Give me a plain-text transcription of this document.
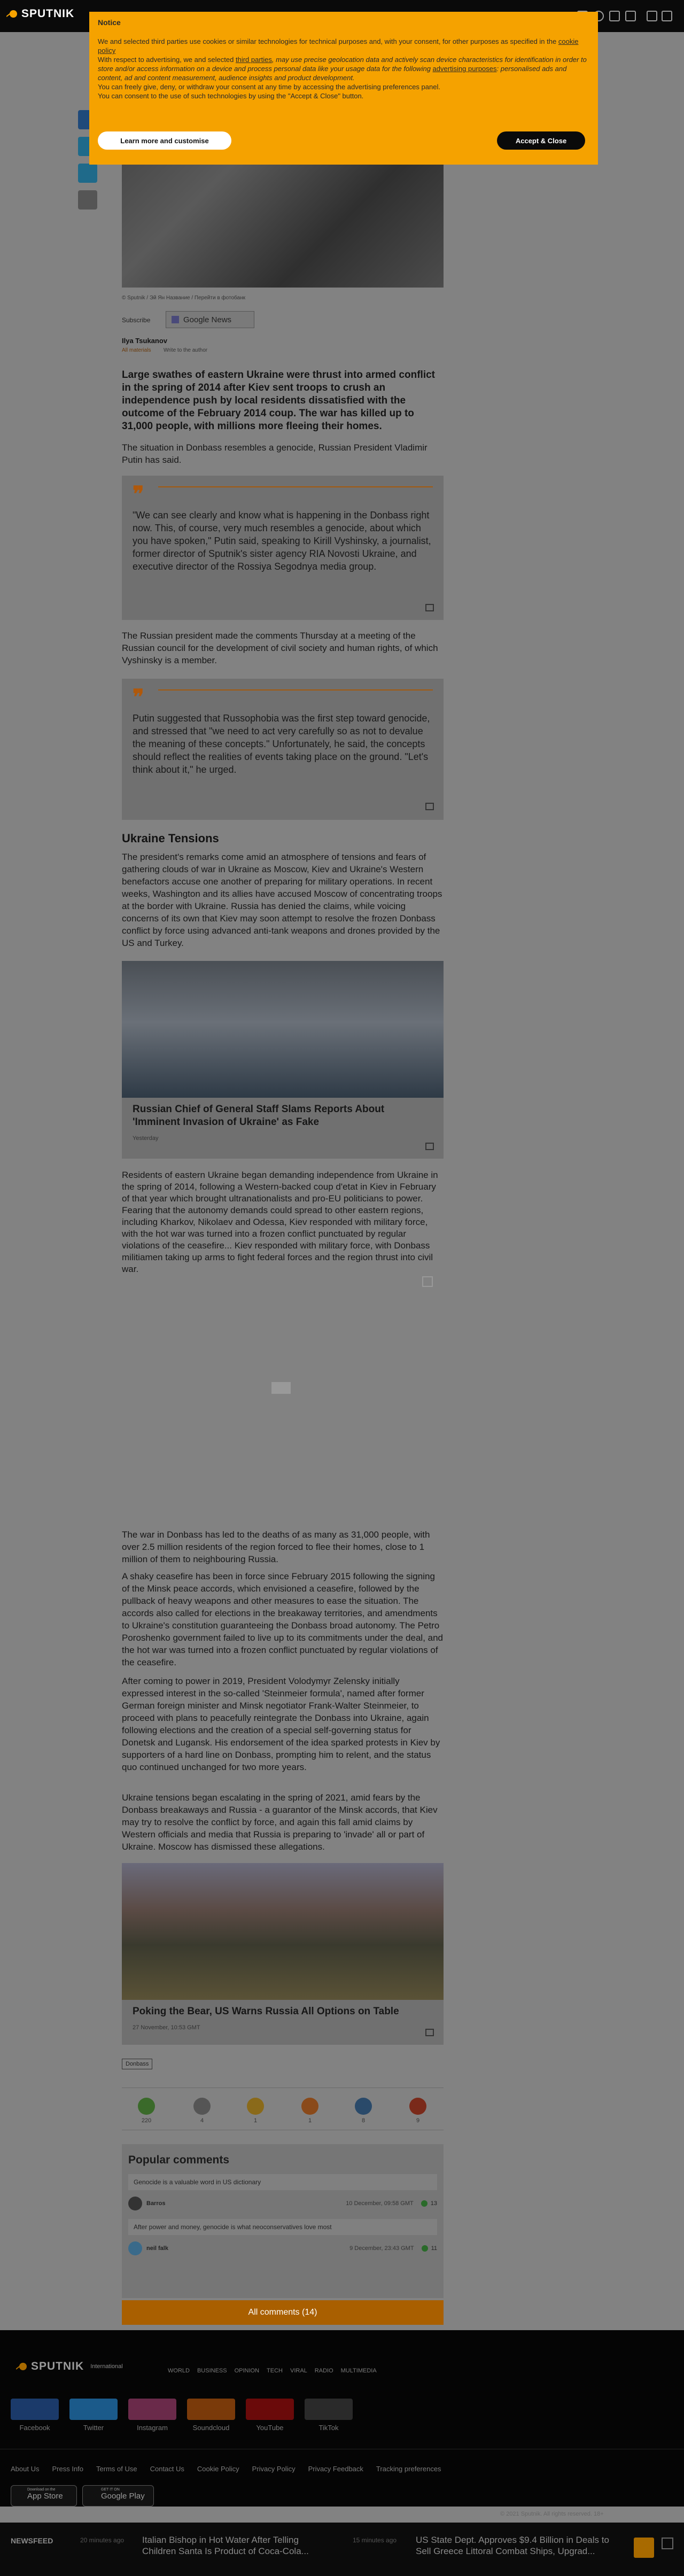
SPUTNIK
© Sputnik / Эй Ян Название / Перейти в фотобанк
Subscribe	Google News
Ilya Tsukanov
All materials Write to the author
Large swathes of eastern Ukraine were thrust into armed conflict in the spring of 2014 after Kiev sent troops to crush an independence push by local residents dissatisfied with the outcome of the February 2014 coup. The war has killed up to 31,000 people, with millions more fleeing their homes.

The situation in Donbass resembles a genocide, Russian President Vladimir Putin has said.

❞
"We can see clearly and know what is happening in the Donbass right now. This, of course, very much resembles a genocide, about which you have spoken," Putin said, speaking to Kirill Vyshinsky, a journalist, former director of Sputnik's sister agency RIA Novosti Ukraine, and executive director of the Rossiya Segodnya media group.

The Russian president made the comments Thursday at a meeting of the Russian council for the development of civil society and human rights, of which Vyshinsky is a member.

❞
Putin suggested that Russophobia was the first step toward genocide, and stressed that "we need to act very carefully so as not to devalue the meaning of these concepts." Unfortunately, he said, the concepts should reflect the realities of events taking place on the ground. "Let's think about it," he urged.
Ukraine Tensions

The president's remarks come amid an atmosphere of tensions and fears of gathering clouds of war in Ukraine as Moscow, Kiev and Ukraine's Western benefactors accuse one another of preparing for military operations. In recent weeks, Washington and its allies have accused Moscow of concentrating troops at the border with Ukraine. Russia has denied the claims, while voicing concerns of its own that Kiev may soon attempt to resolve the frozen Donbass conflict by force using advanced anti-tank weapons and drones provided by the US and Turkey.

Russian Chief of General Staff Slams Reports About 'Imminent Invasion of Ukraine' as Fake
Yesterday

Residents of eastern Ukraine began demanding independence from Ukraine in the spring of 2014, following a Western-backed coup d'etat in Kiev in February of that year which brought ultranationalists and pro-EU politicians to power. Fearing that the autonomy demands could spread to other eastern regions, including Kharkov, Nikolaev and Odessa, Kiev responded with military force, with the hot war was turned into a frozen conflict punctuated by regular violations of the ceasefire... Kiev responded with military force, with Donbass militiamen taking up arms to fight federal forces and the region thrust into civil war.

The war in Donbass has led to the deaths of as many as 31,000 people, with over 2.5 million residents of the region forced to flee their homes, close to 1 million of them to neighbouring Russia.

A shaky ceasefire has been in force since February 2015 following the signing of the Minsk peace accords, which envisioned a ceasefire, followed by the pullback of heavy weapons and other measures to ease the situation. The accords also called for elections in the breakaway territories, and amendments to Ukraine's constitution guaranteeing the Donbass broad autonomy. The Petro Poroshenko government failed to live up to its commitments under the deal, and the hot war was turned into a frozen conflict punctuated by regular violations of the ceasefire.

After coming to power in 2019, President Volodymyr Zelensky initially expressed interest in the so-called 'Steinmeier formula', named after former German foreign minister and Minsk negotiator Frank-Walter Steinmeier, to proceed with plans to peacefully reintegrate the Donbass into Ukraine, again following elections and the creation of a special self-governing status for Donetsk and Lugansk. His endorsement of the idea sparked protests in Kiev by supporters of a hard line on Donbass, prompting him to relent, and the status quo continued unchanged for two more years.

Ukraine tensions began escalating in the spring of 2021, amid fears by the Donbass breakaways and Russia - a guarantor of the Minsk accords, that Kiev may try to resolve the conflict by force, and again this fall amid claims by Western officials and media that Russia is preparing to 'invade' all or part of Ukraine. Moscow has dismissed these allegations.

Poking the Bear, US Warns Russia All Options on Table
27 November, 10:53 GMT
Donbass
220	4	1	1	8	9
Popular comments
Genocide is a valuable word in US dictionary
Barros	10 December, 09:58 GMT	13
After power and money, genocide is what neoconservatives love most
neil falk	9 December, 23:43 GMT	11
All comments (14)
SPUTNIK International
WORLD BUSINESS OPINION TECH VIRAL RADIO MULTIMEDIA
Facebook	Twitter	Instagram	Soundcloud	YouTube	TikTok
About Us Press Info Terms of Use Contact Us Cookie Policy Privacy Policy Privacy Feedback Tracking preferences
Download on the
App Store
GET IT ON
Google Play
© 2021 Sputnik. All rights reserved. 18+
NEWSFEED	20 minutes ago Italian Bishop in Hot Water After Telling Children Santa Is Product of Coca-Cola...
15 minutes ago US State Dept. Approves $9.4 Billion in Deals to Sell Greece Littoral Combat Ships, Upgrad...
Notice
We and selected third parties use cookies or similar technologies for technical purposes and, with your consent, for other purposes as specified in the cookie policy
With respect to advertising, we and selected third parties, may use precise geolocation data and actively scan device characteristics for identification in order to store and/or access information on a device and process personal data like your usage data for the following advertising purposes: personalised ads and content, ad and content measurement, audience insights and product development.
You can freely give, deny, or withdraw your consent at any time by accessing the advertising preferences panel.
You can consent to the use of such technologies by using the "Accept & Close" button.
Learn more and customise	Accept & Close
